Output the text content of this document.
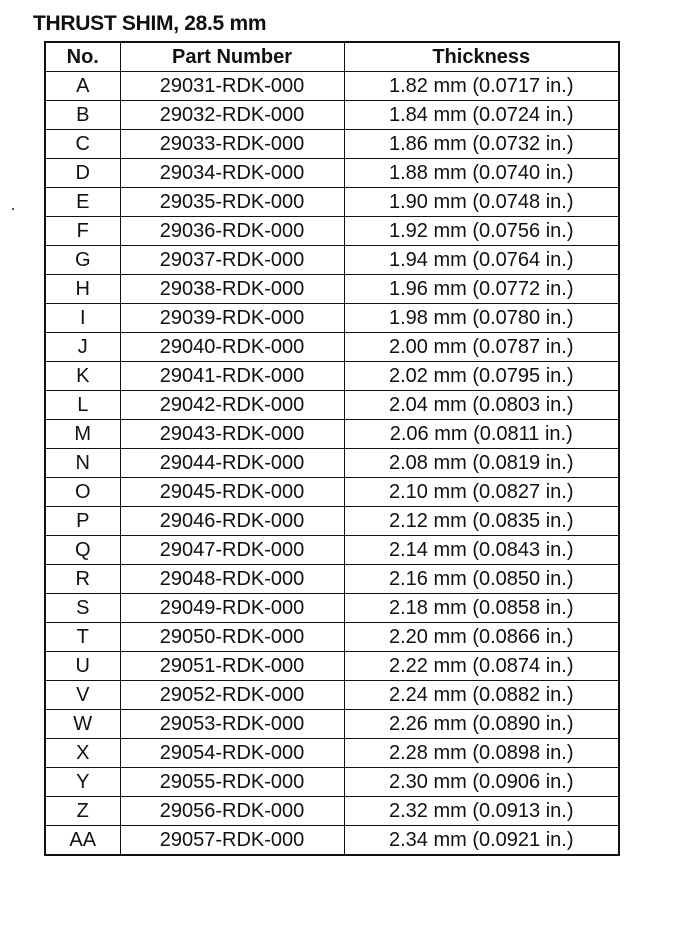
THRUST SHIM, 28.5 mm
No.	Part Number	Thickness
A	29031-RDK-000	1.82 mm (0.0717 in.)
B	29032-RDK-000	1.84 mm (0.0724 in.)
C	29033-RDK-000	1.86 mm (0.0732 in.)
D	29034-RDK-000	1.88 mm (0.0740 in.)
E	29035-RDK-000	1.90 mm (0.0748 in.)
F	29036-RDK-000	1.92 mm (0.0756 in.)
G	29037-RDK-000	1.94 mm (0.0764 in.)
H	29038-RDK-000	1.96 mm (0.0772 in.)
I	29039-RDK-000	1.98 mm (0.0780 in.)
J	29040-RDK-000	2.00 mm (0.0787 in.)
K	29041-RDK-000	2.02 mm (0.0795 in.)
L	29042-RDK-000	2.04 mm (0.0803 in.)
M	29043-RDK-000	2.06 mm (0.0811 in.)
N	29044-RDK-000	2.08 mm (0.0819 in.)
O	29045-RDK-000	2.10 mm (0.0827 in.)
P	29046-RDK-000	2.12 mm (0.0835 in.)
Q	29047-RDK-000	2.14 mm (0.0843 in.)
R	29048-RDK-000	2.16 mm (0.0850 in.)
S	29049-RDK-000	2.18 mm (0.0858 in.)
T	29050-RDK-000	2.20 mm (0.0866 in.)
U	29051-RDK-000	2.22 mm (0.0874 in.)
V	29052-RDK-000	2.24 mm (0.0882 in.)
W	29053-RDK-000	2.26 mm (0.0890 in.)
X	29054-RDK-000	2.28 mm (0.0898 in.)
Y	29055-RDK-000	2.30 mm (0.0906 in.)
Z	29056-RDK-000	2.32 mm (0.0913 in.)
AA	29057-RDK-000	2.34 mm (0.0921 in.)
